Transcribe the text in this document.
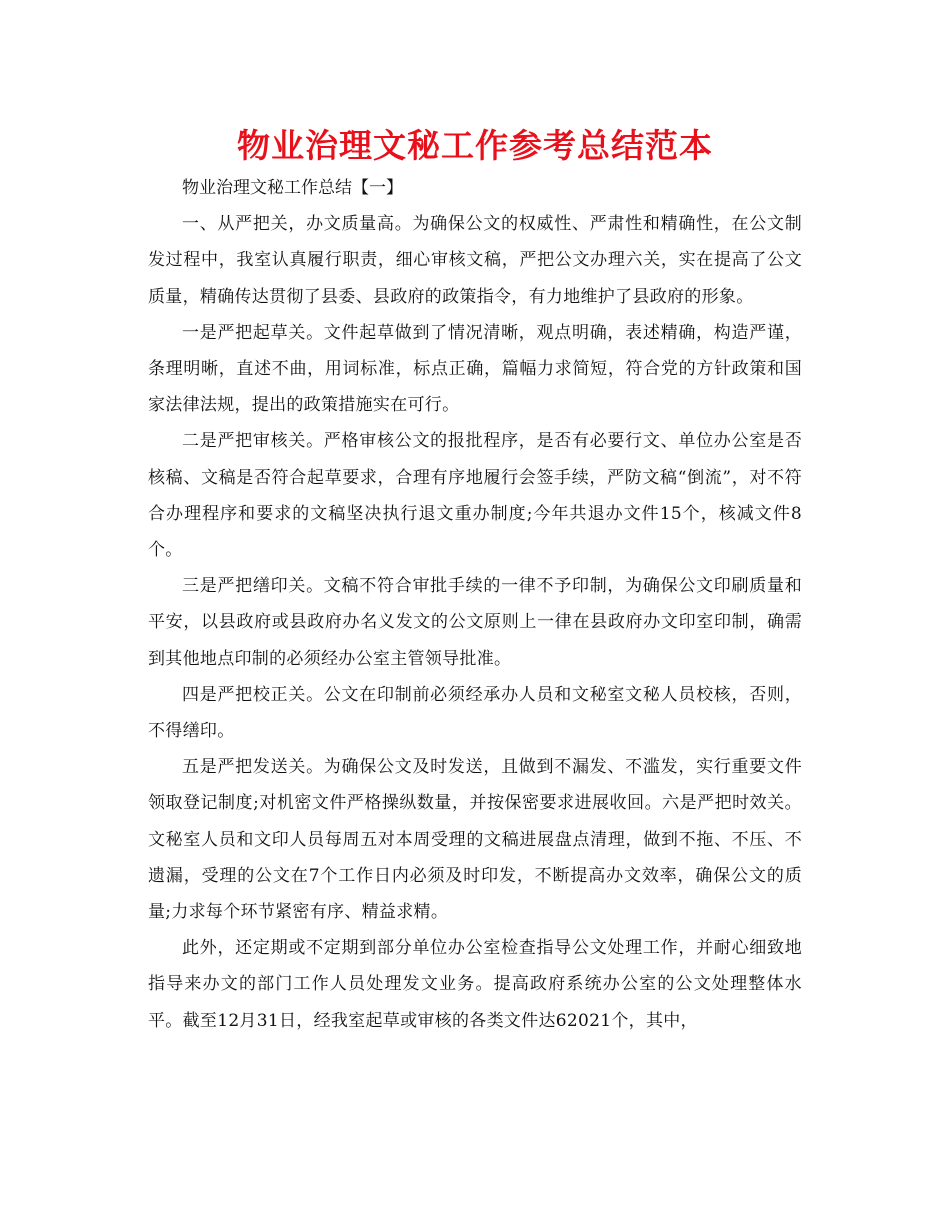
物业治理文秘工作参考总结范本

物业治理文秘工作总结【一】

一、从严把关，办文质量高。为确保公文的权威性、严肃性和精确性，在公文制发过程中，我室认真履行职责，细心审核文稿，严把公文办理六关，实在提高了公文质量，精确传达贯彻了县委、县政府的政策指令，有力地维护了县政府的形象。

一是严把起草关。文件起草做到了情况清晰，观点明确，表述精确，构造严谨，条理明晰，直述不曲，用词标准，标点正确，篇幅力求简短，符合党的方针政策和国家法律法规，提出的政策措施实在可行。

二是严把审核关。严格审核公文的报批程序，是否有必要行文、单位办公室是否核稿、文稿是否符合起草要求，合理有序地履行会签手续，严防文稿“倒流”，对不符合办理程序和要求的文稿坚决执行退文重办制度;今年共退办文件15个，核减文件8个。

三是严把缮印关。文稿不符合审批手续的一律不予印制，为确保公文印刷质量和平安，以县政府或县政府办名义发文的公文原则上一律在县政府办文印室印制，确需到其他地点印制的必须经办公室主管领导批准。

四是严把校正关。公文在印制前必须经承办人员和文秘室文秘人员校核，否则，不得缮印。

五是严把发送关。为确保公文及时发送，且做到不漏发、不滥发，实行重要文件领取登记制度;对机密文件严格操纵数量，并按保密要求进展收回。六是严把时效关。文秘室人员和文印人员每周五对本周受理的文稿进展盘点清理，做到不拖、不压、不遗漏，受理的公文在7个工作日内必须及时印发，不断提高办文效率，确保公文的质量;力求每个环节紧密有序、精益求精。

此外，还定期或不定期到部分单位办公室检查指导公文处理工作，并耐心细致地指导来办文的部门工作人员处理发文业务。提高政府系统办公室的公文处理整体水平。截至12月31日，经我室起草或审核的各类文件达62021个，其中，
